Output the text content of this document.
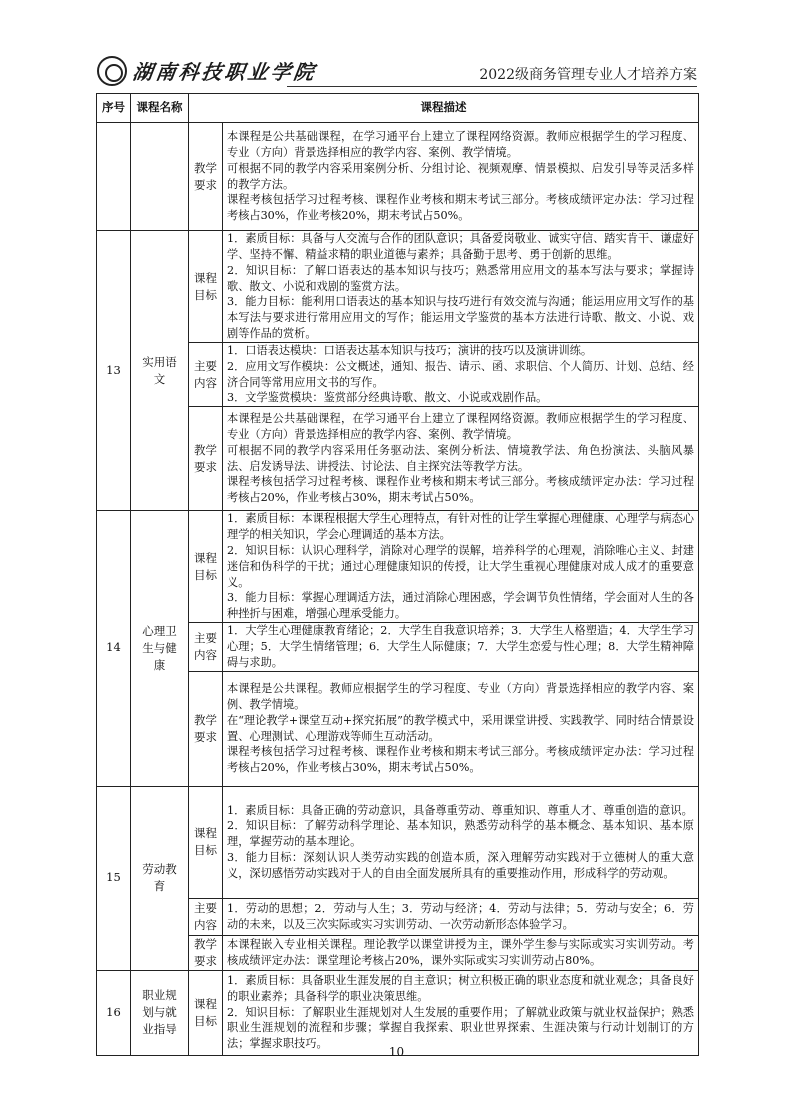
湖南科技职业学院	2022级商务管理专业人才培养方案
序号	课程名称	课程描述	
		教学要求	本课程是公共基础课程，在学习通平台上建立了课程网络资源。教师应根据学生的学习程度、专业（方向）背景选择相应的教学内容、案例、教学情境。

可根据不同的教学内容采用案例分析、分组讨论、视频观摩、情景模拟、启发引导等灵活多样的教学方法。

课程考核包括学习过程考核、课程作业考核和期末考试三部分。考核成绩评定办法：学习过程考核占30%，作业考核20%，期末考试占50%。

13	实用语文	课程目标	1．素质目标：具备与人交流与合作的团队意识；具备爱岗敬业、诚实守信、踏实肯干、谦虚好学、坚持不懈、精益求精的职业道德与素养；具备勤于思考、勇于创新的思维。

2．知识目标：了解口语表达的基本知识与技巧；熟悉常用应用文的基本写法与要求；掌握诗歌、散文、小说和戏剧的鉴赏方法。

3．能力目标：能利用口语表达的基本知识与技巧进行有效交流与沟通；能运用应用文写作的基本写法与要求进行常用应用文的写作；能运用文学鉴赏的基本方法进行诗歌、散文、小说、戏剧等作品的赏析。

		主要内容	1．口语表达模块：口语表达基本知识与技巧；演讲的技巧以及演讲训练。

2．应用文写作模块：公文概述，通知、报告、请示、函、求职信、个人简历、计划、总结、经济合同等常用应用文书的写作。

3．文学鉴赏模块：鉴赏部分经典诗歌、散文、小说或戏剧作品。

		教学要求	本课程是公共基础课程，在学习通平台上建立了课程网络资源。教师应根据学生的学习程度、专业（方向）背景选择相应的教学内容、案例、教学情境。

可根据不同的教学内容采用任务驱动法、案例分析法、情境教学法、角色扮演法、头脑风暴法、启发诱导法、讲授法、讨论法、自主探究法等教学方法。

课程考核包括学习过程考核、课程作业考核和期末考试三部分。考核成绩评定办法：学习过程考核占20%，作业考核占30%，期末考试占50%。

14	心理卫生与健康	课程目标	1．素质目标：本课程根据大学生心理特点，有针对性的让学生掌握心理健康、心理学与病态心理学的相关知识，学会心理调适的基本方法。

2．知识目标：认识心理科学，消除对心理学的误解，培养科学的心理观，消除唯心主义、封建迷信和伪科学的干扰；通过心理健康知识的传授，让大学生重视心理健康对成人成才的重要意义。

3．能力目标：掌握心理调适方法，通过消除心理困惑，学会调节负性情绪，学会面对人生的各种挫折与困难，增强心理承受能力。

		主要内容	1．大学生心理健康教育绪论；2．大学生自我意识培养；3．大学生人格塑造；4．大学生学习心理；5．大学生情绪管理；6．大学生人际健康；7．大学生恋爱与性心理；8．大学生精神障碍与求助。

		教学要求	本课程是公共课程。教师应根据学生的学习程度、专业（方向）背景选择相应的教学内容、案例、教学情境。

在“理论教学+课堂互动+探究拓展”的教学模式中，采用课堂讲授、实践教学、同时结合情景设置、心理测试、心理游戏等师生互动活动。

课程考核包括学习过程考核、课程作业考核和期末考试三部分。考核成绩评定办法：学习过程考核占20%，作业考核占30%，期末考试占50%。

15	劳动教育	课程目标	1．素质目标：具备正确的劳动意识，具备尊重劳动、尊重知识、尊重人才、尊重创造的意识。

2．知识目标：了解劳动科学理论、基本知识，熟悉劳动科学的基本概念、基本知识、基本原理，掌握劳动的基本理论。

3．能力目标：深刻认识人类劳动实践的创造本质，深入理解劳动实践对于立德树人的重大意义，深切感悟劳动实践对于人的自由全面发展所具有的重要推动作用，形成科学的劳动观。

		主要内容	1．劳动的思想；2．劳动与人生；3．劳动与经济；4．劳动与法律；5．劳动与安全；6．劳动的未来，以及三次实际或实习实训劳动、一次劳动新形态体验学习。

		教学要求	本课程嵌入专业相关课程。理论教学以课堂讲授为主，课外学生参与实际或实习实训劳动。考核成绩评定办法：课堂理论考核占20%，课外实际或实习实训劳动占80%。

16	职业规划与就业指导	课程目标	1．素质目标：具备职业生涯发展的自主意识；树立积极正确的职业态度和就业观念；具备良好的职业素养；具备科学的职业决策思维。

2．知识目标：了解职业生涯规划对人生发展的重要作用；了解就业政策与就业权益保护；熟悉职业生涯规划的流程和步骤；掌握自我探索、职业世界探索、生涯决策与行动计划制订的方法；掌握求职技巧。

10
